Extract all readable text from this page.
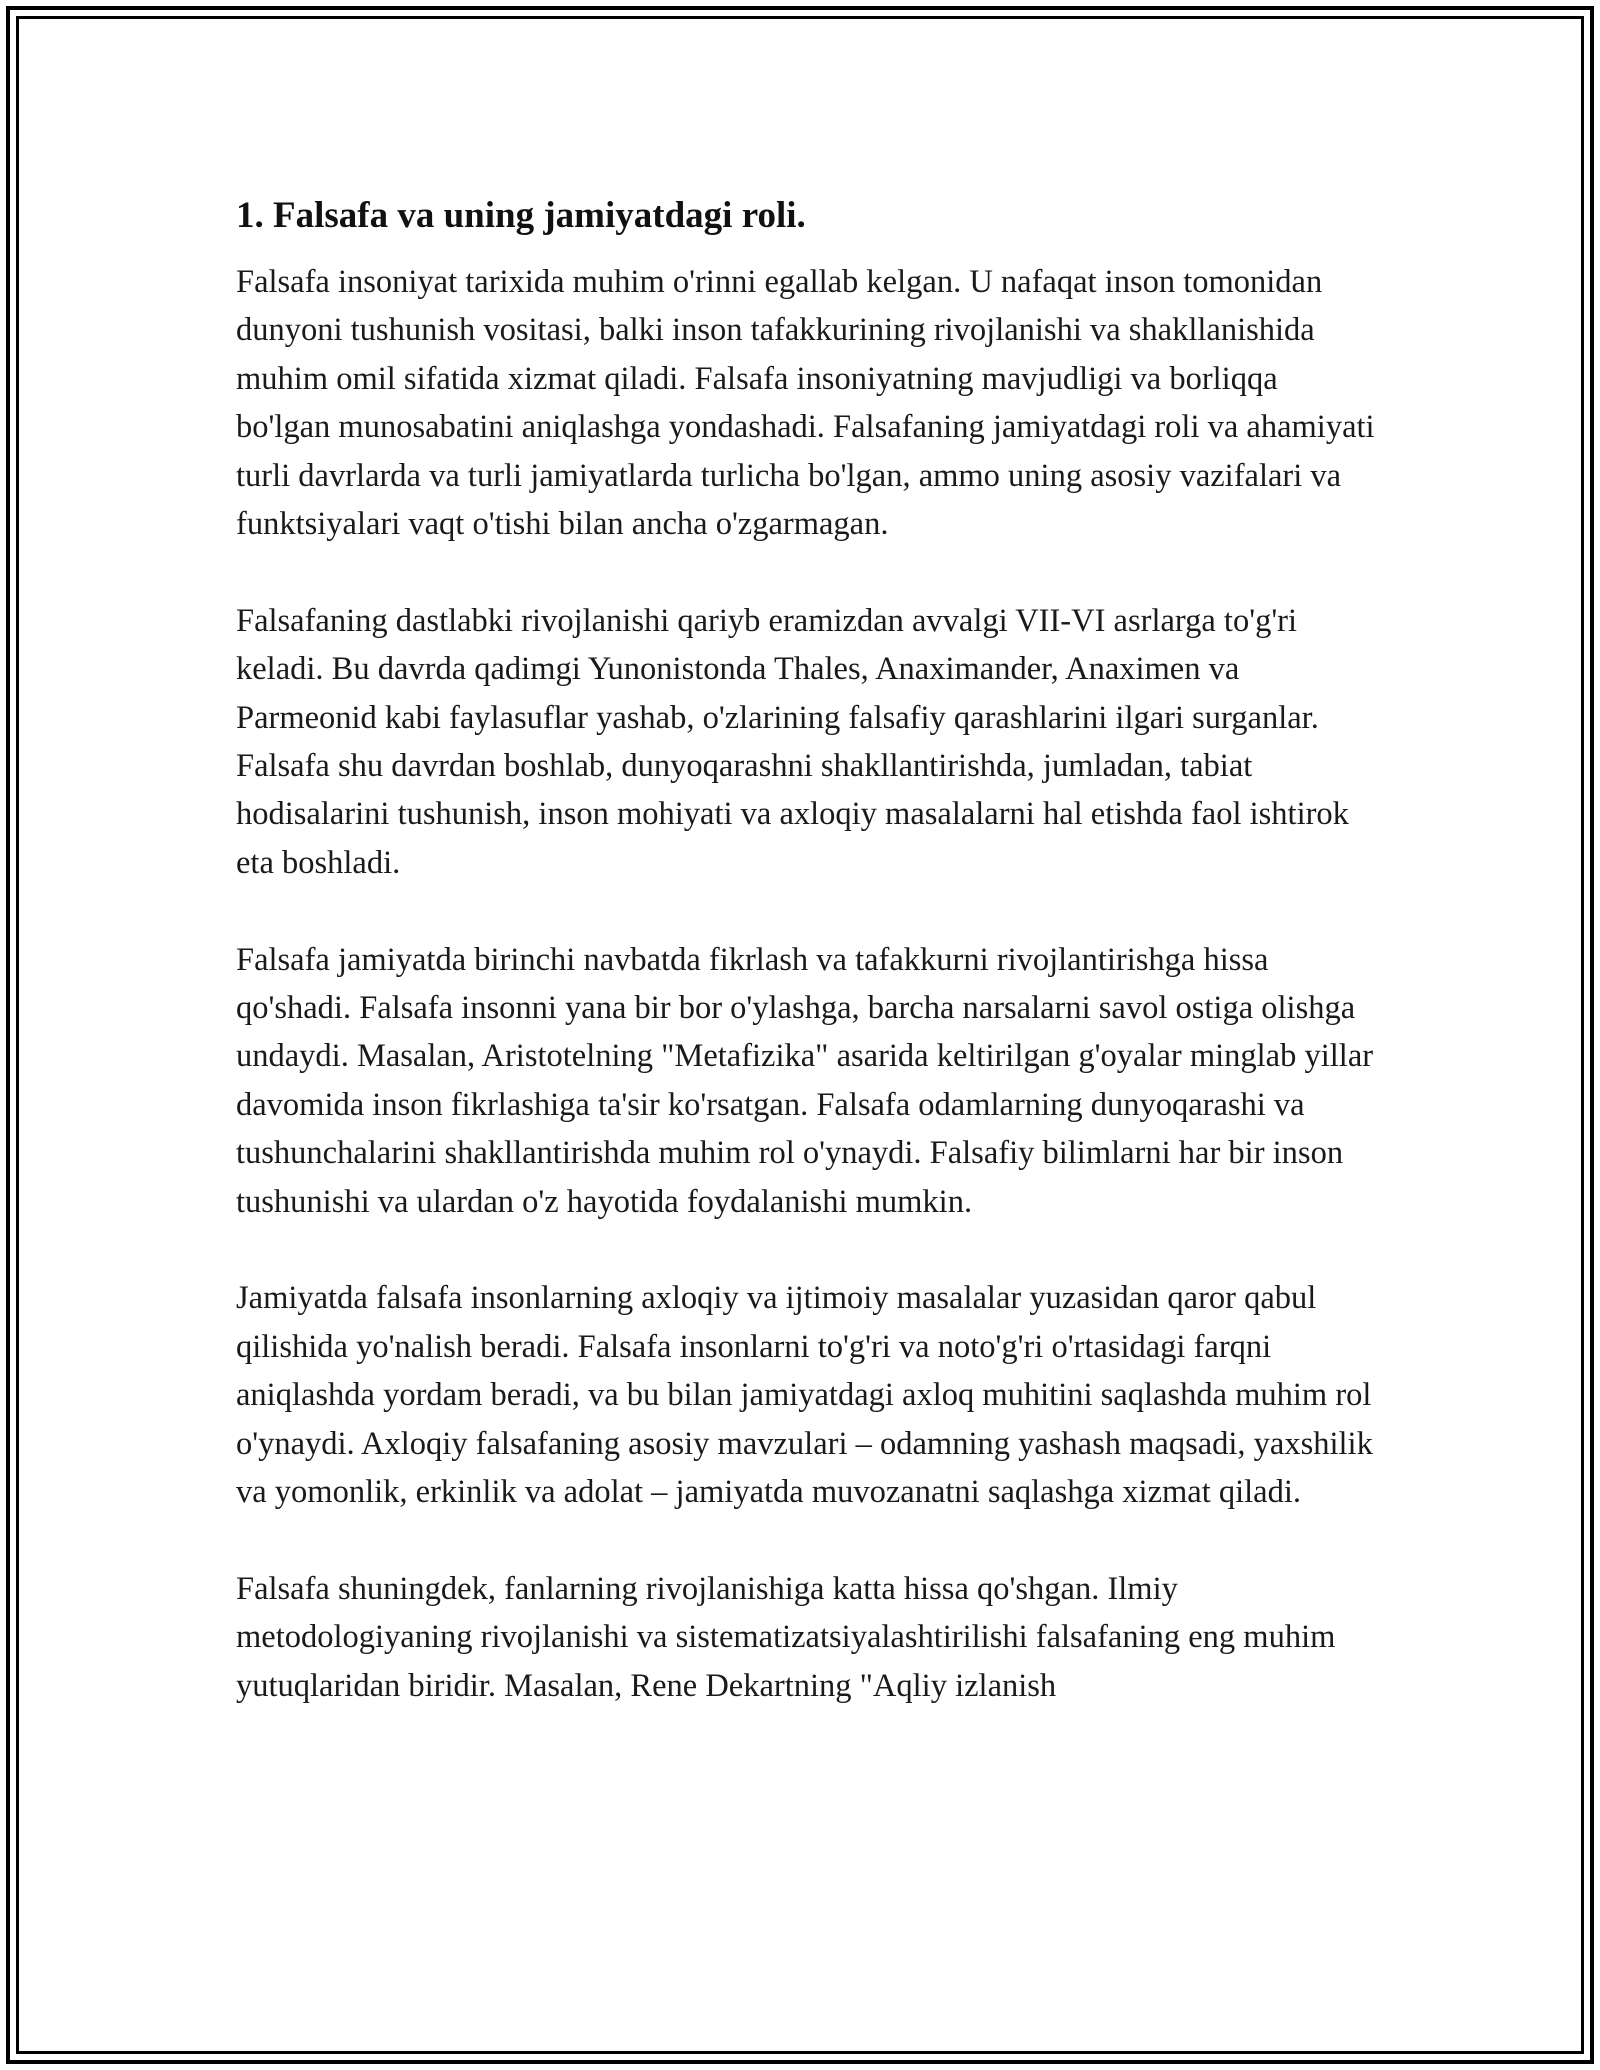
1. Falsafa va uning jamiyatdagi roli.

Falsafa insoniyat tarixida muhim o'rinni egallab kelgan. U nafaqat inson tomonidan dunyoni tushunish vositasi, balki inson tafakkurining rivojlanishi va shakllanishida muhim omil sifatida xizmat qiladi. Falsafa insoniyatning mavjudligi va borliqqa bo'lgan munosabatini aniqlashga yondashadi. Falsafaning jamiyatdagi roli va ahamiyati turli davrlarda va turli jamiyatlarda turlicha bo'lgan, ammo uning asosiy vazifalari va funktsiyalari vaqt o'tishi bilan ancha o'zgarmagan.

Falsafaning dastlabki rivojlanishi qariyb eramizdan avvalgi VII-VI asrlarga to'g'ri keladi. Bu davrda qadimgi Yunonistonda Thales, Anaximander, Anaximen va Parmeonid kabi faylasuflar yashab, o'zlarining falsafiy qarashlarini ilgari surganlar. Falsafa shu davrdan boshlab, dunyoqarashni shakllantirishda, jumladan, tabiat hodisalarini tushunish, inson mohiyati va axloqiy masalalarni hal etishda faol ishtirok eta boshladi.

Falsafa jamiyatda birinchi navbatda fikrlash va tafakkurni rivojlantirishga hissa qo'shadi. Falsafa insonni yana bir bor o'ylashga, barcha narsalarni savol ostiga olishga undaydi. Masalan, Aristotelning "Metafizika" asarida keltirilgan g'oyalar minglab yillar davomida inson fikrlashiga ta'sir ko'rsatgan. Falsafa odamlarning dunyoqarashi va tushunchalarini shakllantirishda muhim rol o'ynaydi. Falsafiy bilimlarni har bir inson tushunishi va ulardan o'z hayotida foydalanishi mumkin.

Jamiyatda falsafa insonlarning axloqiy va ijtimoiy masalalar yuzasidan qaror qabul qilishida yo'nalish beradi. Falsafa insonlarni to'g'ri va noto'g'ri o'rtasidagi farqni aniqlashda yordam beradi, va bu bilan jamiyatdagi axloq muhitini saqlashda muhim rol o'ynaydi. Axloqiy falsafaning asosiy mavzulari – odamning yashash maqsadi, yaxshilik va yomonlik, erkinlik va adolat – jamiyatda muvozanatni saqlashga xizmat qiladi.

Falsafa shuningdek, fanlarning rivojlanishiga katta hissa qo'shgan. Ilmiy metodologiyaning rivojlanishi va sistematizatsiyalashtirilishi falsafaning eng muhim yutuqlaridan biridir. Masalan, Rene Dekartning "Aqliy izlanish
